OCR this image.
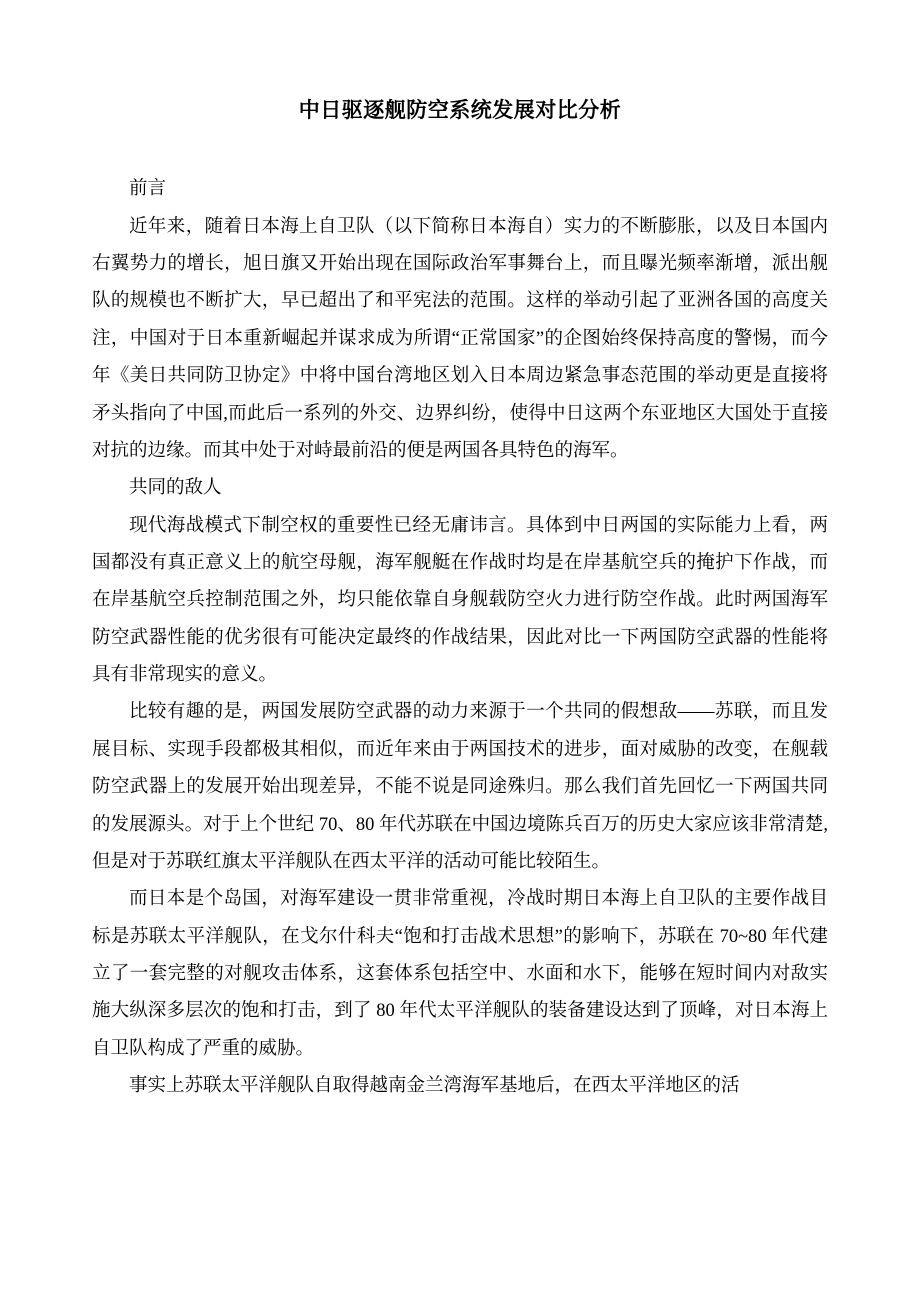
中日驱逐舰防空系统发展对比分析

前言

近年来，随着日本海上自卫队（以下简称日本海自）实力的不断膨胀，以及日本国内右翼势力的增长，旭日旗又开始出现在国际政治军事舞台上，而且曝光频率渐增，派出舰队的规模也不断扩大，早已超出了和平宪法的范围。这样的举动引起了亚洲各国的高度关注，中国对于日本重新崛起并谋求成为所谓“正常国家”的企图始终保持高度的警惕，而今年《美日共同防卫协定》中将中国台湾地区划入日本周边紧急事态范围的举动更是直接将矛头指向了中国,而此后一系列的外交、边界纠纷，使得中日这两个东亚地区大国处于直接对抗的边缘。而其中处于对峙最前沿的便是两国各具特色的海军。

共同的敌人

现代海战模式下制空权的重要性已经无庸讳言。具体到中日两国的实际能力上看，两国都没有真正意义上的航空母舰，海军舰艇在作战时均是在岸基航空兵的掩护下作战，而在岸基航空兵控制范围之外，均只能依靠自身舰载防空火力进行防空作战。此时两国海军防空武器性能的优劣很有可能决定最终的作战结果，因此对比一下两国防空武器的性能将具有非常现实的意义。

比较有趣的是，两国发展防空武器的动力来源于一个共同的假想敌——苏联，而且发展目标、实现手段都极其相似，而近年来由于两国技术的进步，面对威胁的改变，在舰载防空武器上的发展开始出现差异，不能不说是同途殊归。那么我们首先回忆一下两国共同的发展源头。对于上个世纪 70、80 年代苏联在中国边境陈兵百万的历史大家应该非常清楚,但是对于苏联红旗太平洋舰队在西太平洋的活动可能比较陌生。

而日本是个岛国，对海军建设一贯非常重视，冷战时期日本海上自卫队的主要作战目标是苏联太平洋舰队，在戈尔什科夫“饱和打击战术思想”的影响下，苏联在 70~80 年代建立了一套完整的对舰攻击体系，这套体系包括空中、水面和水下，能够在短时间内对敌实施大纵深多层次的饱和打击，到了 80 年代太平洋舰队的装备建设达到了顶峰，对日本海上自卫队构成了严重的威胁。

事实上苏联太平洋舰队自取得越南金兰湾海军基地后，在西太平洋地区的活
